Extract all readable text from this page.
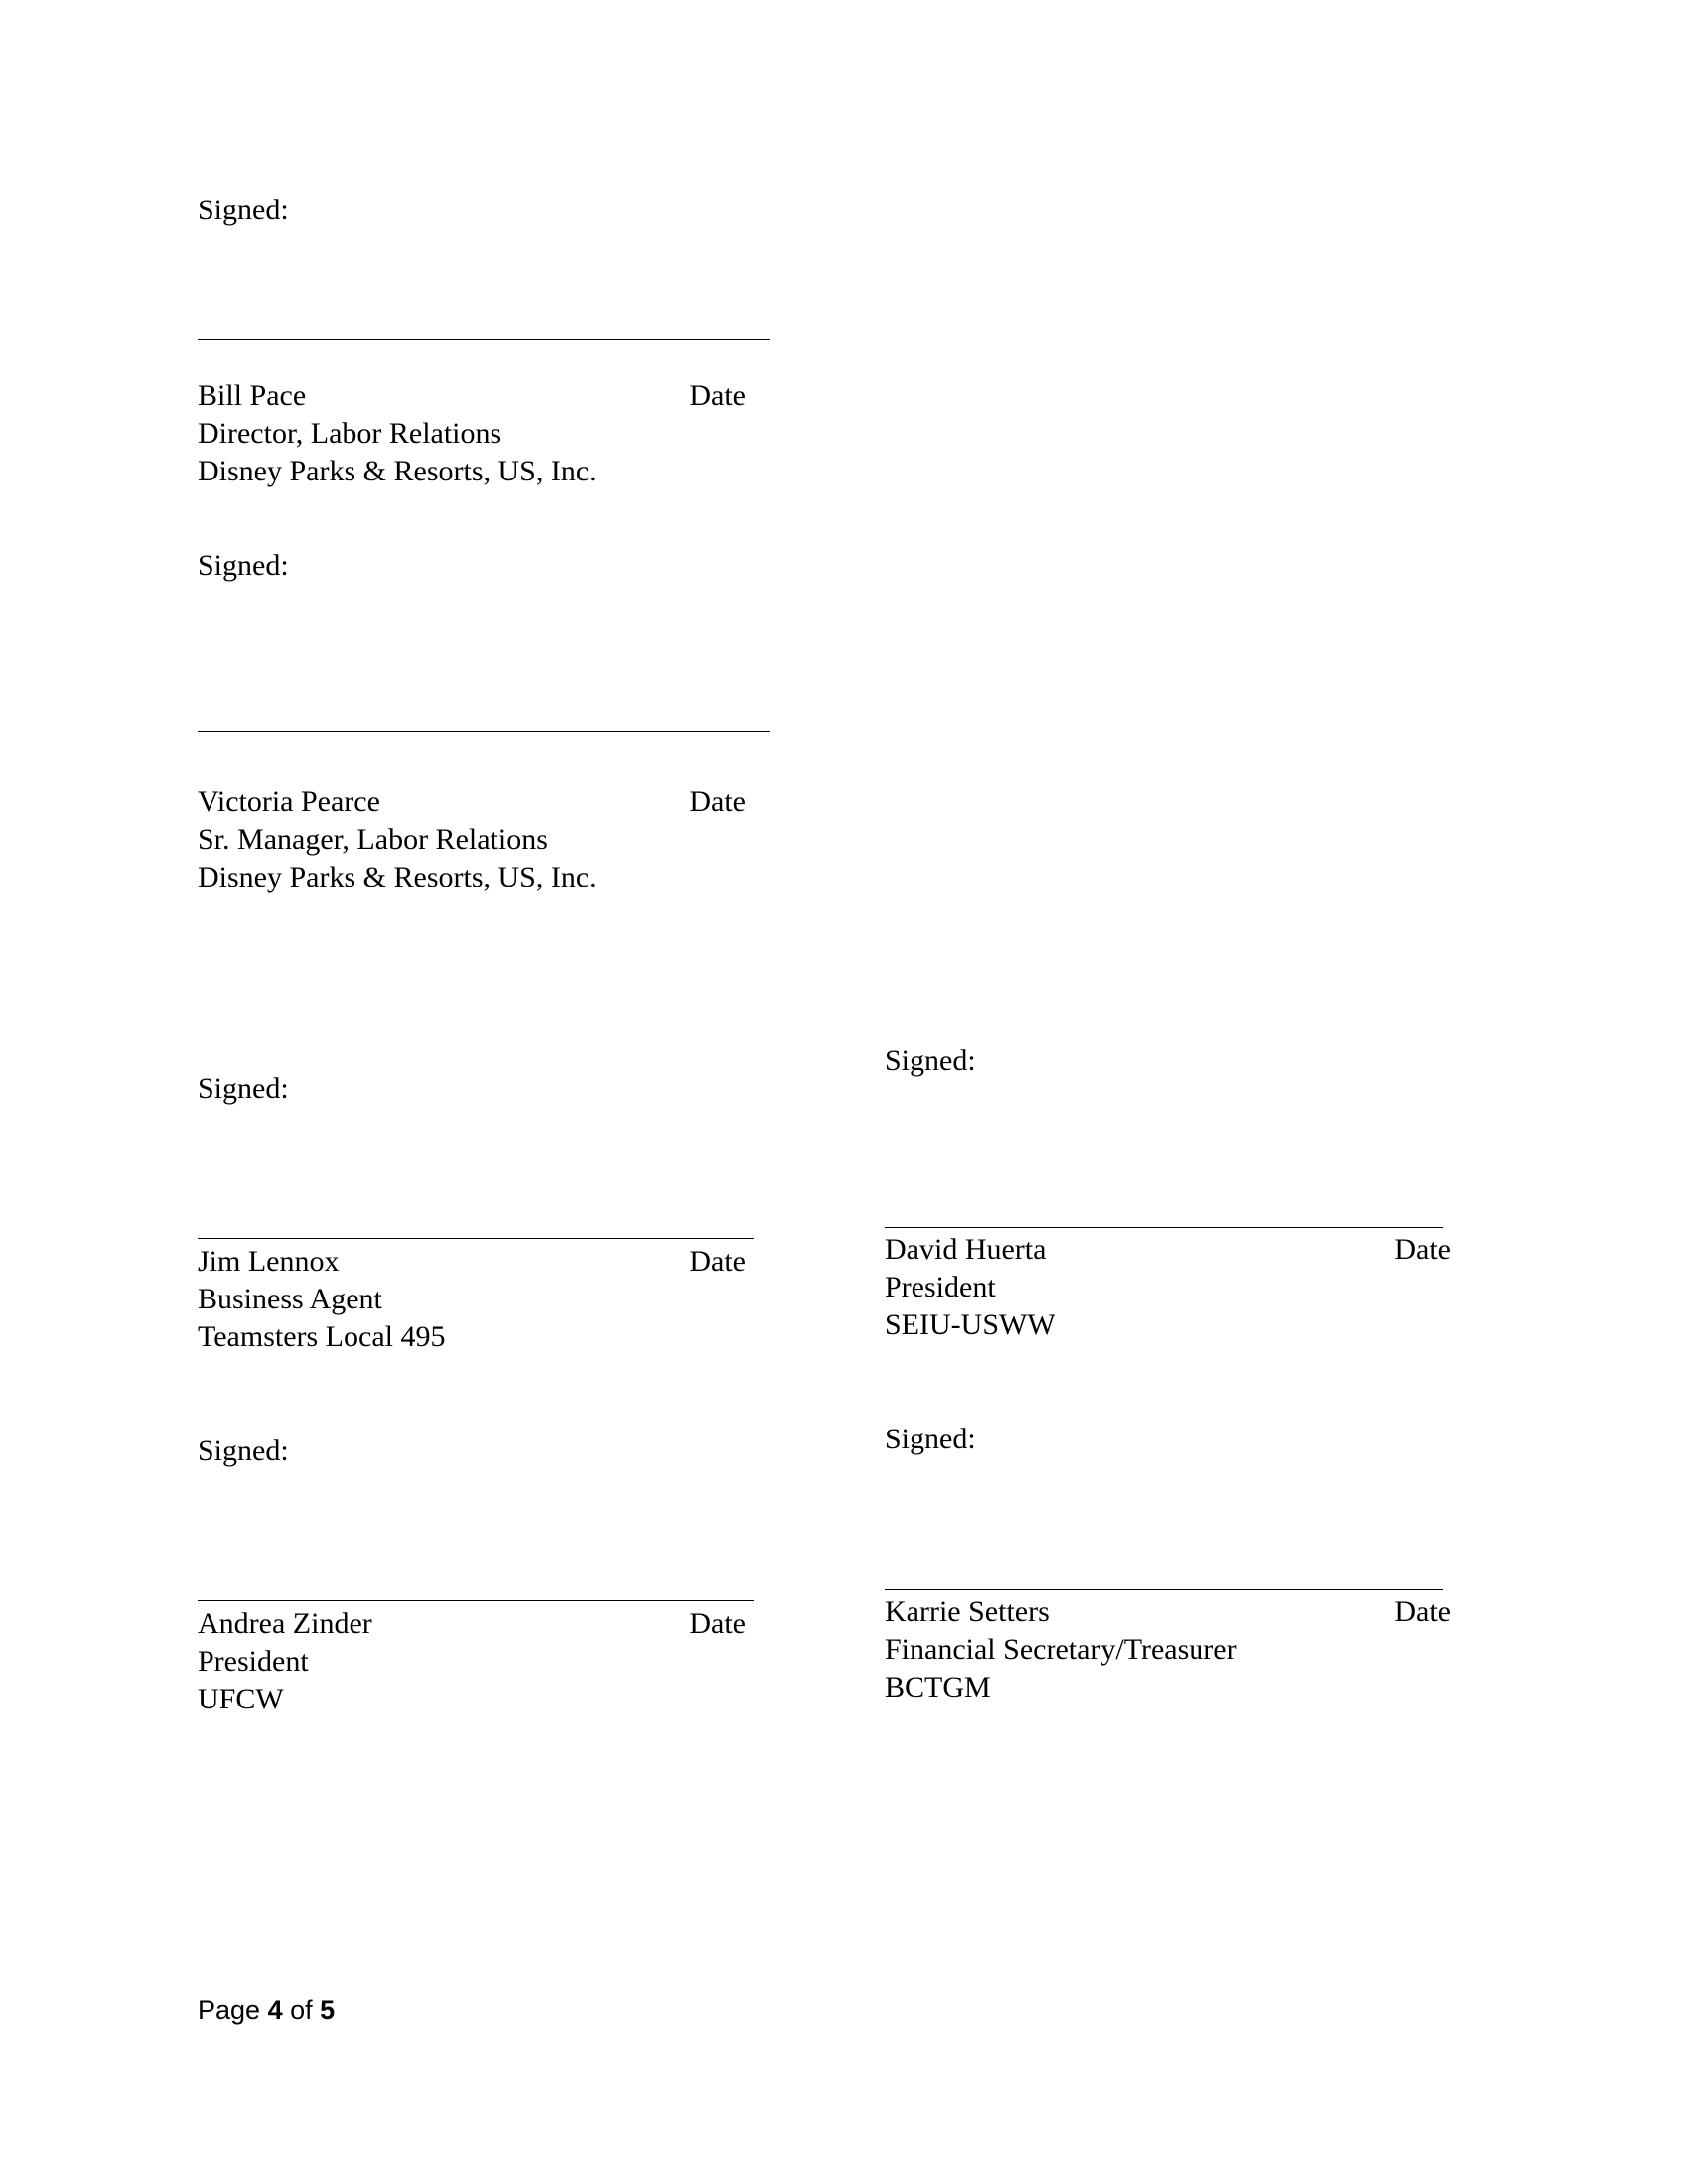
Signed:

Bill Pace	Date
Director, Labor Relations
Disney Parks & Resorts, US, Inc.

Signed:

Victoria Pearce	Date
Sr. Manager, Labor Relations
Disney Parks & Resorts, US, Inc.

Signed:

Jim Lennox	Date
Business Agent
Teamsters Local 495

Signed:

David Huerta	Date
President
SEIU-USWW

Signed:

Andrea Zinder	Date
President
UFCW

Signed:

Karrie Setters	Date
Financial Secretary/Treasurer
BCTGM
Page 4 of 5
